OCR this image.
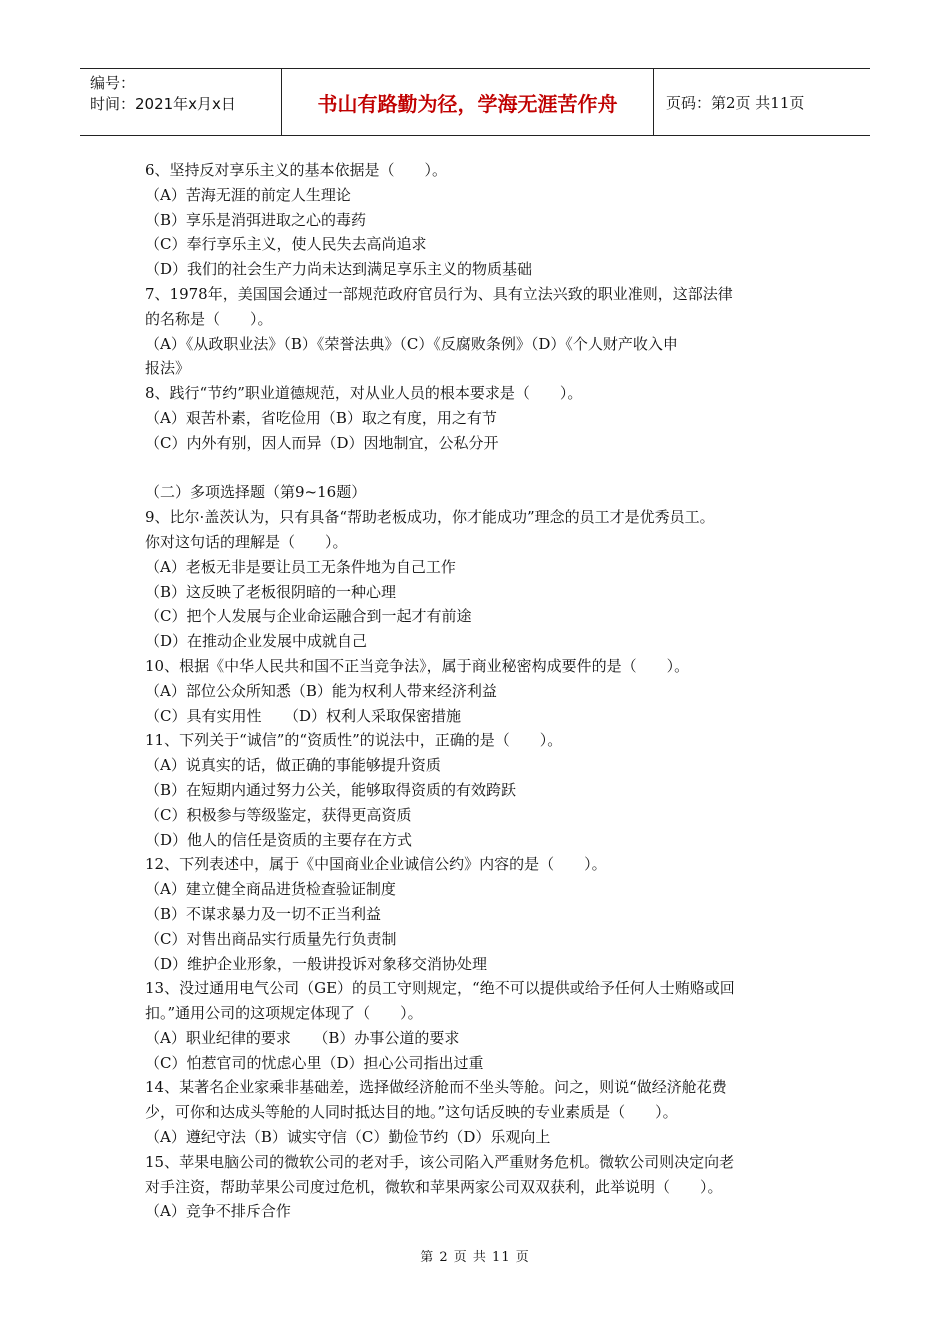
编号：
时间：2021年x月x日	书山有路勤为径，学海无涯苦作舟	页码：第2页 共11页

6、坚持反对享乐主义的基本依据是（　　）。

（A）苦海无涯的前定人生理论

（B）享乐是消弭进取之心的毒药

（C）奉行享乐主义，使人民失去高尚追求

（D）我们的社会生产力尚未达到满足享乐主义的物质基础

7、1978年，美国国会通过一部规范政府官员行为、具有立法兴致的职业准则，这部法律

的名称是（　　）。

（A）《从政职业法》（B）《荣誉法典》（C）《反腐败条例》（D）《个人财产收入申

报法》

8、践行“节约”职业道德规范，对从业人员的根本要求是（　　）。

（A）艰苦朴素，省吃俭用（B）取之有度，用之有节

（C）内外有别，因人而异（D）因地制宜，公私分开

（二）多项选择题（第9~16题）

9、比尔·盖茨认为，只有具备“帮助老板成功，你才能成功”理念的员工才是优秀员工。

你对这句话的理解是（　　）。

（A）老板无非是要让员工无条件地为自己工作

（B）这反映了老板很阴暗的一种心理

（C）把个人发展与企业命运融合到一起才有前途

（D）在推动企业发展中成就自己

10、根据《中华人民共和国不正当竞争法》，属于商业秘密构成要件的是（　　）。

（A）部位公众所知悉（B）能为权利人带来经济利益

（C）具有实用性　　（D）权利人采取保密措施

11、下列关于“诚信”的“资质性”的说法中，正确的是（　　）。

（A）说真实的话，做正确的事能够提升资质

（B）在短期内通过努力公关，能够取得资质的有效跨跃

（C）积极参与等级鉴定，获得更高资质

（D）他人的信任是资质的主要存在方式

12、下列表述中，属于《中国商业企业诚信公约》内容的是（　　）。

（A）建立健全商品进货检查验证制度

（B）不谋求暴力及一切不正当利益

（C）对售出商品实行质量先行负责制

（D）维护企业形象，一般讲投诉对象移交消协处理

13、没过通用电气公司（GE）的员工守则规定，“绝不可以提供或给予任何人士贿赂或回

扣。”通用公司的这项规定体现了（　　）。

（A）职业纪律的要求　　（B）办事公道的要求

（C）怕惹官司的忧虑心里（D）担心公司指出过重

14、某著名企业家乘非基础差，选择做经济舱而不坐头等舱。问之，则说“做经济舱花费

少，可你和达成头等舱的人同时抵达目的地。”这句话反映的专业素质是（　　）。

（A）遵纪守法（B）诚实守信（C）勤俭节约（D）乐观向上

15、苹果电脑公司的微软公司的老对手，该公司陷入严重财务危机。微软公司则决定向老

对手注资，帮助苹果公司度过危机，微软和苹果两家公司双双获利，此举说明（　　）。

（A）竞争不排斥合作

第 2 页 共 11 页
